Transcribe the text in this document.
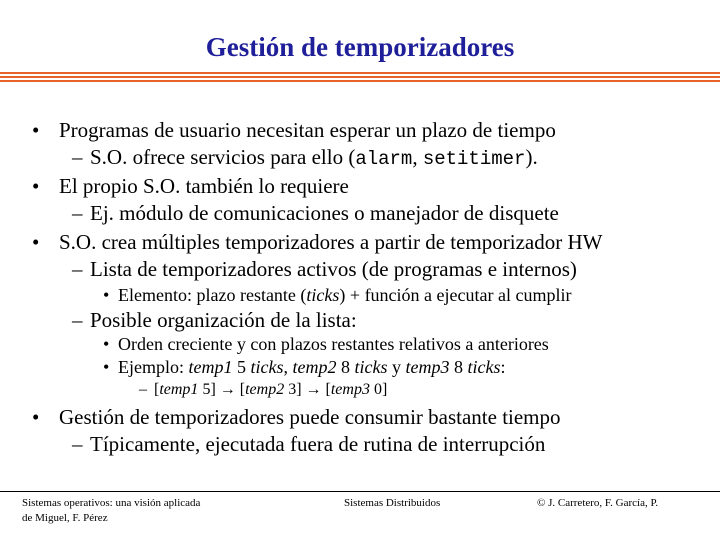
Gestión de temporizadores
• Programas de usuario necesitan esperar un plazo de tiempo
– S.O. ofrece servicios para ello (alarm, setitimer).
• El propio S.O. también lo requiere
– Ej. módulo de comunicaciones o manejador de disquete
• S.O. crea múltiples temporizadores a partir de temporizador HW
– Lista de temporizadores activos (de programas e internos)
• Elemento: plazo restante (ticks) + función a ejecutar al cumplir
– Posible organización de la lista:
• Orden creciente y con plazos restantes relativos a anteriores
• Ejemplo: temp1 5 ticks, temp2 8 ticks y temp3 8 ticks:
– [temp1 5] → [temp2 3] → [temp3 0]
• Gestión de temporizadores puede consumir bastante tiempo
– Típicamente, ejecutada fuera de rutina de interrupción
Sistemas operativos: una visión aplicada
de Miguel, F. Pérez
Sistemas Distribuidos	© J. Carretero, F. García, P.
